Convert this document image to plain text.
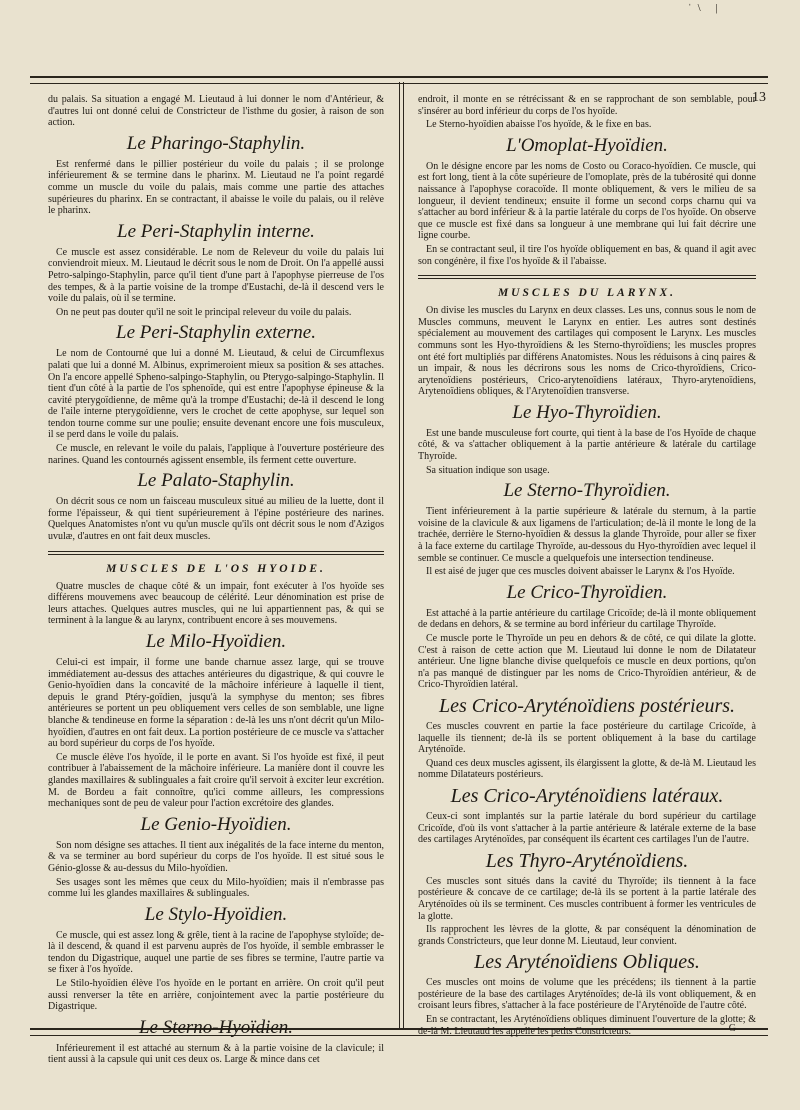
ˈ\ |

du palais. Sa situation a engagé M. Lieutaud à lui donner le nom d'Antérieur, & d'autres lui ont donné celui de Constricteur de l'isthme du gosier, à raison de son action.

Le Pharingo-Staphylin.

Est renfermé dans le pillier postérieur du voile du palais ; il se prolonge inférieurement & se termine dans le pharinx. M. Lieutaud ne l'a point regardé comme un muscle du voile du palais, mais comme une partie des attaches supérieures du pharinx. En se contractant, il abaisse le voile du palais, ou il relève le pharinx.

Le Peri-Staphylin interne.

Ce muscle est assez considérable. Le nom de Releveur du voile du palais lui conviendroit mieux. M. Lieutaud le décrit sous le nom de Droit. On l'a appellé aussi Petro-salpingo-Staphylin, parce qu'il tient d'une part à l'apophyse pierreuse de l'os des tempes, & à la partie voisine de la trompe d'Eustachi, de-là il descend vers le voile du palais, où il se termine.

On ne peut pas douter qu'il ne soit le principal releveur du voile du palais.

Le Peri-Staphylin externe.

Le nom de Contourné que lui a donné M. Lieutaud, & celui de Circumflexus palati que lui a donné M. Albinus, exprimeroient mieux sa position & ses attaches. On l'a encore appellé Spheno-salpingo-Staphylin, ou Pterygo-salpingo-Staphylin. Il tient d'un côté à la partie de l'os sphenoïde, qui est entre l'apophyse épineuse & la cavité pterygoïdienne, de même qu'à la trompe d'Eustachi; de-là il descend le long de l'aile interne pterygoïdienne, vers le crochet de cette apophyse, sur lequel son tendon tourne comme sur une poulie; ensuite devenant encore une fois musculeux, il se perd dans le voile du palais.

Ce muscle, en relevant le voile du palais, l'applique à l'ouverture postérieure des narines. Quand les contournés agissent ensemble, ils ferment cette ouverture.

Le Palato-Staphylin.

On décrit sous ce nom un faisceau musculeux situé au milieu de la luette, dont il forme l'épaisseur, & qui tient supérieurement à l'épine postérieure des narines. Quelques Anatomistes n'ont vu qu'un muscle qu'ils ont décrit sous le nom d'Azigos uvulæ, d'autres en ont fait deux muscles.

MUSCLES DE L'OS HYOIDE.

Quatre muscles de chaque côté & un impair, font exécuter à l'os hyoïde ses différens mouvemens avec beaucoup de célérité. Leur dénomination est prise de leurs attaches. Quelques autres muscles, qui ne lui appartiennent pas, & qui se terminent à la langue & au larynx, contribuent encore à ses mouvemens.

Le Milo-Hyoïdien.

Celui-ci est impair, il forme une bande charnue assez large, qui se trouve immédiatement au-dessus des attaches antérieures du digastrique, & qui couvre le Genio-hyoïdien dans la concavité de la mâchoire inférieure à laquelle il tient, depuis le grand Ptéry-goïdien, jusqu'à la symphyse du menton; ses fibres antérieures se portent un peu obliquement vers celles de son semblable, une ligne blanche & tendineuse en forme la séparation : de-là les uns n'ont décrit qu'un Milo-hyoïdien, d'autres en ont fait deux. La portion postérieure de ce muscle va s'attacher au bord supérieur du corps de l'os hyoïde.

Ce muscle élève l'os hyoïde, il le porte en avant. Si l'os hyoïde est fixé, il peut contribuer à l'abaissement de la mâchoire inférieure. La manière dont il couvre les glandes maxillaires & sublinguales a fait croire qu'il servoit à exciter leur excrétion. M. de Bordeu a fait connoître, qu'ici comme ailleurs, les compressions mechaniques sont de peu de valeur pour l'action excrétoire des glandes.

Le Genio-Hyoïdien.

Son nom désigne ses attaches. Il tient aux inégalités de la face interne du menton, & va se terminer au bord supérieur du corps de l'os hyoïde. Il est situé sous le Génio-glosse & au-dessus du Milo-hyoïdien.

Ses usages sont les mêmes que ceux du Milo-hyoïdien; mais il n'embrasse pas comme lui les glandes maxillaires & sublinguales.

Le Stylo-Hyoïdien.

Ce muscle, qui est assez long & grêle, tient à la racine de l'apophyse styloïde; de-là il descend, & quand il est parvenu auprès de l'os hyoïde, il semble embrasser le tendon du Digastrique, auquel une partie de ses fibres se termine, l'autre partie va se fixer à l'os hyoïde.

Le Stilo-hyoïdien élève l'os hyoïde en le portant en arrière. On croit qu'il peut aussi renverser la tête en arrière, conjointement avec la partie postérieure du Digastrique.

Le Sterno-Hyoïdien.

Inférieurement il est attaché au sternum & à la partie voisine de la clavicule; il tient aussi à la capsule qui unit ces deux os. Large & mince dans cet

endroit, il monte en se rétrécissant & en se rapprochant de son semblable, pour s'insérer au bord inférieur du corps de l'os hyoïde.

Le Sterno-hyoïdien abaisse l'os hyoïde, & le fixe en bas.

L'Omoplat-Hyoïdien.

On le désigne encore par les noms de Costo ou Coraco-hyoïdien. Ce muscle, qui est fort long, tient à la côte supérieure de l'omoplate, près de la tubérosité qui donne naissance à l'apophyse coracoïde. Il monte obliquement, & vers le milieu de sa longueur, il devient tendineux; ensuite il forme un second corps charnu qui va s'attacher au bord inférieur & à la partie latérale du corps de l'os hyoïde. On observe que ce muscle est fixé dans sa longueur à une membrane qui lui fait décrire une ligne courbe.

En se contractant seul, il tire l'os hyoïde obliquement en bas, & quand il agit avec son congénère, il fixe l'os hyoïde & il l'abaisse.

MUSCLES DU LARYNX.

On divise les muscles du Larynx en deux classes. Les uns, connus sous le nom de Muscles communs, meuvent le Larynx en entier. Les autres sont destinés spécialement au mouvement des cartilages qui composent le Larynx. Les muscles communs sont les Hyo-thyroïdiens & les Sterno-thyroïdiens; les muscles propres ont été fort multipliés par différens Anatomistes. Nous les réduisons à cinq paires & un impair, & nous les décrirons sous les noms de Crico-thyroïdiens, Crico-arytenoïdiens postérieurs, Crico-arytenoïdiens latéraux, Thyro-arytenoïdiens, Arytenoïdiens obliques, & l'Arytenoïdien transverse.

Le Hyo-Thyroïdien.

Est une bande musculeuse fort courte, qui tient à la base de l'os Hyoïde de chaque côté, & va s'attacher obliquement à la partie antérieure & latérale du cartilage Thyroïde.

Sa situation indique son usage.

Le Sterno-Thyroïdien.

Tient inférieurement à la partie supérieure & latérale du sternum, à la partie voisine de la clavicule & aux ligamens de l'articulation; de-là il monte le long de la trachée, derrière le Sterno-hyoïdien & dessus la glande Thyroïde, pour aller se fixer à la face externe du cartilage Thyroïde, au-dessous du Hyo-thyroïdien avec lequel il semble se continuer. Ce muscle a quelquefois une intersection tendineuse.

Il est aisé de juger que ces muscles doivent abaisser le Larynx & l'os Hyoïde.

Le Crico-Thyroïdien.

Est attaché à la partie antérieure du cartilage Cricoïde; de-là il monte obliquement de dedans en dehors, & se termine au bord inférieur du cartilage Thyroïde.

Ce muscle porte le Thyroïde un peu en dehors & de côté, ce qui dilate la glotte. C'est à raison de cette action que M. Lieutaud lui donne le nom de Dilatateur antérieur. Une ligne blanche divise quelquefois ce muscle en deux portions, qu'on n'a pas manqué de distinguer par les noms de Crico-Thyroïdien antérieur, & de Crico-Thyroïdien latéral.

Les Crico-Aryténoïdiens postérieurs.

Ces muscles couvrent en partie la face postérieure du cartilage Cricoïde, à laquelle ils tiennent; de-là ils se portent obliquement à la base du cartilage Aryténoïde.

Quand ces deux muscles agissent, ils élargissent la glotte, & de-là M. Lieutaud les nomme Dilatateurs postérieurs.

Les Crico-Aryténoïdiens latéraux.

Ceux-ci sont implantés sur la partie latérale du bord supérieur du cartilage Cricoïde, d'où ils vont s'attacher à la partie antérieure & latérale externe de la base des cartilages Aryténoïdes, par conséquent ils écartent ces cartilages l'un de l'autre.

Les Thyro-Aryténoïdiens.

Ces muscles sont situés dans la cavité du Thyroïde; ils tiennent à la face postérieure & concave de ce cartilage; de-là ils se portent à la partie latérale des Aryténoïdes où ils se terminent. Ces muscles contribuent à former les ventricules de la glotte.

Ils rapprochent les lèvres de la glotte, & par conséquent la dénomination de grands Constricteurs, que leur donne M. Lieutaud, leur convient.

Les Aryténoïdiens Obliques.

Ces muscles ont moins de volume que les précédens; ils tiennent à la partie postérieure de la base des cartilages Aryténoïdes; de-là ils vont obliquement, & en croisant leurs fibres, s'attacher à la face postérieure de l'Aryténoïde de l'autre côté.

En se contractant, les Aryténoïdiens obliques diminuent l'ouverture de la glotte; & de-là M. Lieutaud les appelle les petits Constricteurs.

13
G
